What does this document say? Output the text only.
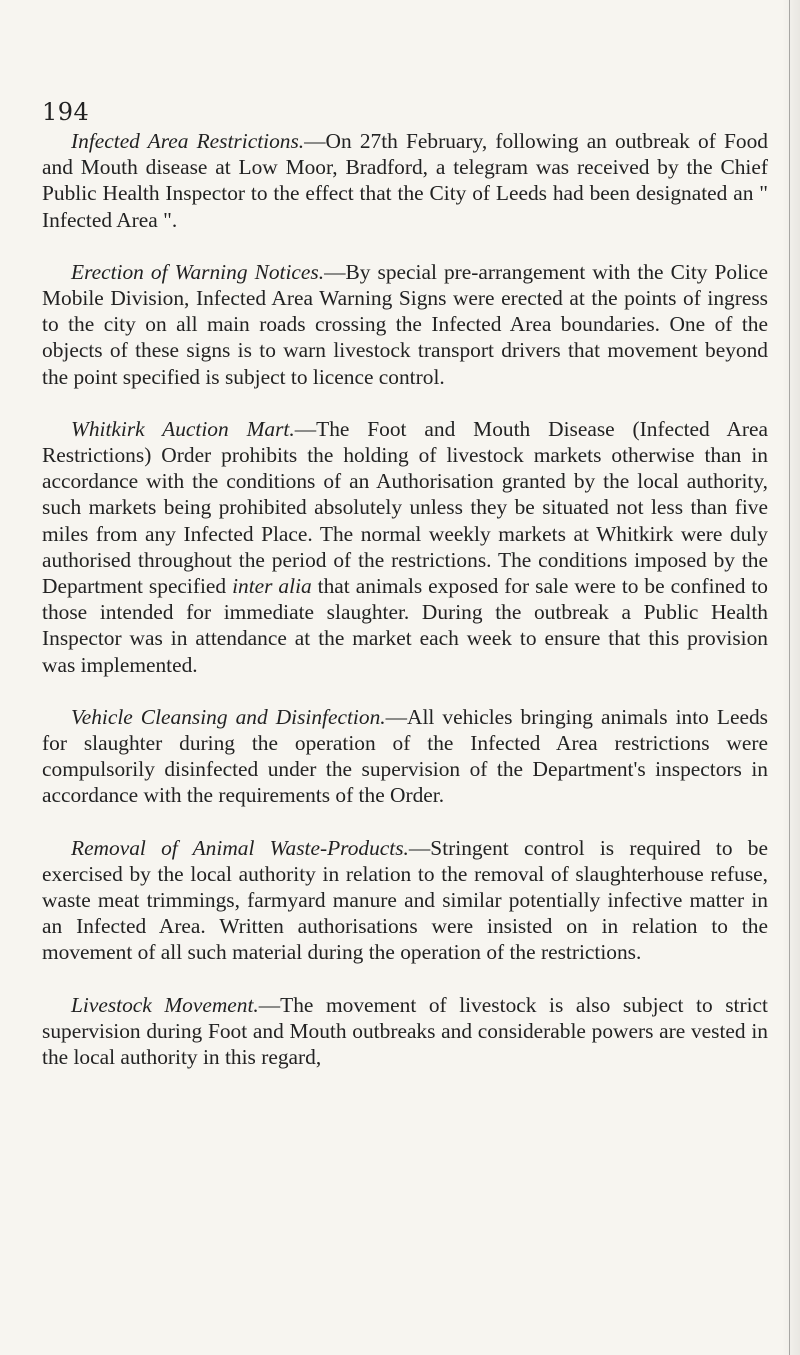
194

Infected Area Restrictions.—On 27th February, following an outbreak of Food and Mouth disease at Low Moor, Bradford, a telegram was received by the Chief Public Health Inspector to the effect that the City of Leeds had been designated an " Infected Area ".

Erection of Warning Notices.—By special pre-arrangement with the City Police Mobile Division, Infected Area Warning Signs were erected at the points of ingress to the city on all main roads crossing the Infected Area boundaries. One of the objects of these signs is to warn livestock transport drivers that movement beyond the point specified is subject to licence control.

Whitkirk Auction Mart.—The Foot and Mouth Disease (Infected Area Restrictions) Order prohibits the holding of livestock markets otherwise than in accordance with the conditions of an Authorisation granted by the local authority, such markets being prohibited absolutely unless they be situated not less than five miles from any Infected Place. The normal weekly markets at Whitkirk were duly authorised throughout the period of the restrictions. The conditions imposed by the Department specified inter alia that animals exposed for sale were to be confined to those intended for immediate slaughter. During the outbreak a Public Health Inspector was in attendance at the market each week to ensure that this provision was implemented.

Vehicle Cleansing and Disinfection.—All vehicles bringing animals into Leeds for slaughter during the operation of the Infected Area restrictions were compulsorily disinfected under the supervision of the Department's inspectors in accordance with the requirements of the Order.

Removal of Animal Waste-Products.—Stringent control is required to be exercised by the local authority in relation to the removal of slaughterhouse refuse, waste meat trimmings, farmyard manure and similar potentially infective matter in an Infected Area. Written authorisations were insisted on in relation to the movement of all such material during the operation of the restrictions.

Livestock Movement.—The movement of livestock is also subject to strict supervision during Foot and Mouth outbreaks and considerable powers are vested in the local authority in this regard,
